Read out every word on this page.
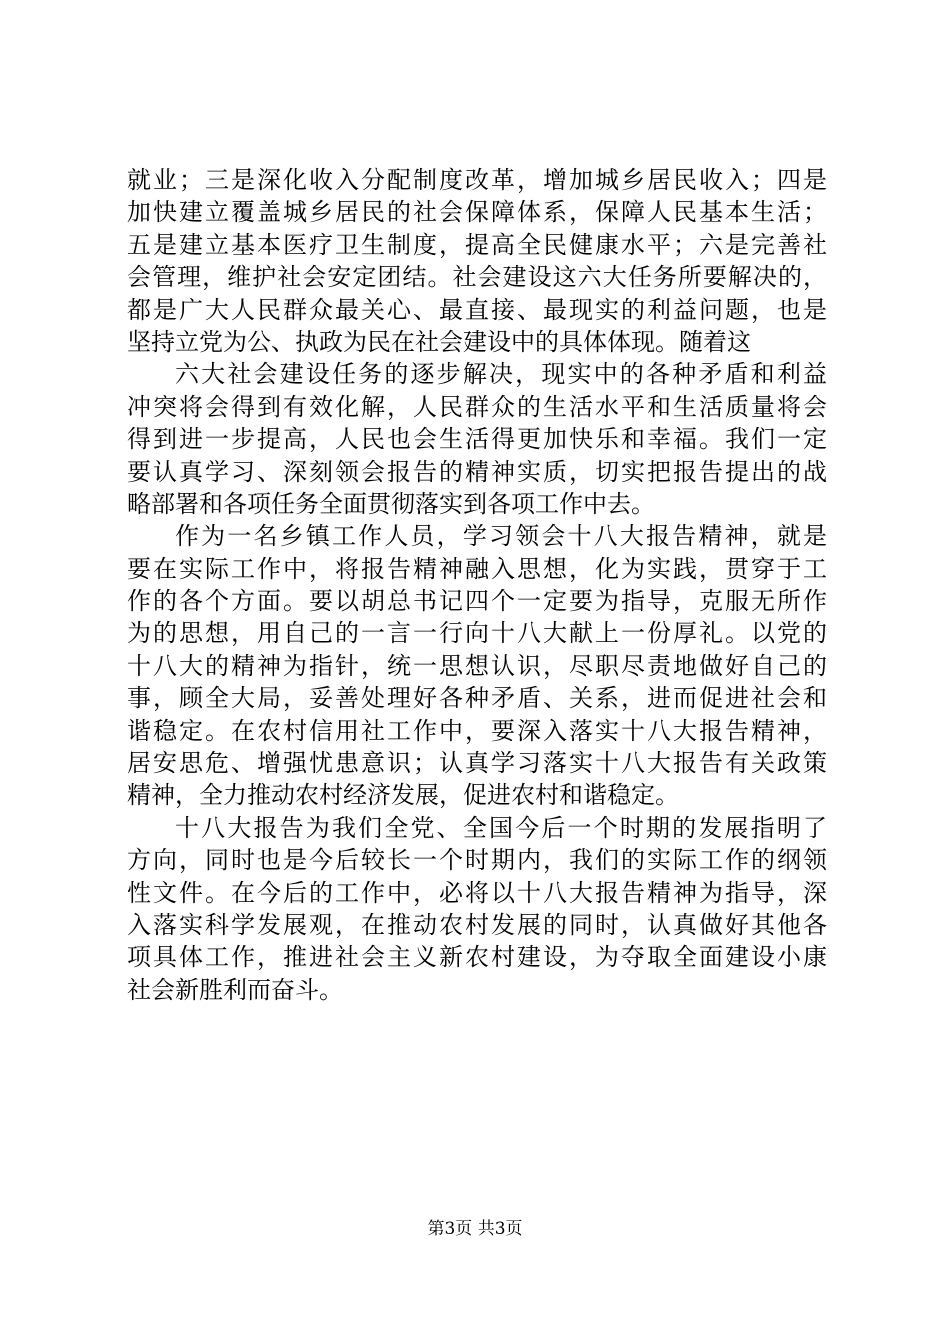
就业；三是深化收入分配制度改革，增加城乡居民收入；四是
加快建立覆盖城乡居民的社会保障体系，保障人民基本生活；
五是建立基本医疗卫生制度，提高全民健康水平；六是完善社
会管理，维护社会安定团结。社会建设这六大任务所要解决的，
都是广大人民群众最关心、最直接、最现实的利益问题，也是
坚持立党为公、执政为民在社会建设中的具体体现。随着这
六大社会建设任务的逐步解决，现实中的各种矛盾和利益
冲突将会得到有效化解，人民群众的生活水平和生活质量将会
得到进一步提高，人民也会生活得更加快乐和幸福。我们一定
要认真学习、深刻领会报告的精神实质，切实把报告提出的战
略部署和各项任务全面贯彻落实到各项工作中去。
作为一名乡镇工作人员，学习领会十八大报告精神，就是
要在实际工作中，将报告精神融入思想，化为实践，贯穿于工
作的各个方面。要以胡总书记四个一定要为指导，克服无所作
为的思想，用自己的一言一行向十八大献上一份厚礼。以党的
十八大的精神为指针，统一思想认识，尽职尽责地做好自己的
事，顾全大局，妥善处理好各种矛盾、关系，进而促进社会和
谐稳定。在农村信用社工作中，要深入落实十八大报告精神，
居安思危、增强忧患意识；认真学习落实十八大报告有关政策
精神，全力推动农村经济发展，促进农村和谐稳定。
十八大报告为我们全党、全国今后一个时期的发展指明了
方向，同时也是今后较长一个时期内，我们的实际工作的纲领
性文件。在今后的工作中，必将以十八大报告精神为指导，深
入落实科学发展观，在推动农村发展的同时，认真做好其他各
项具体工作，推进社会主义新农村建设，为夺取全面建设小康
社会新胜利而奋斗。
第3页 共3页
